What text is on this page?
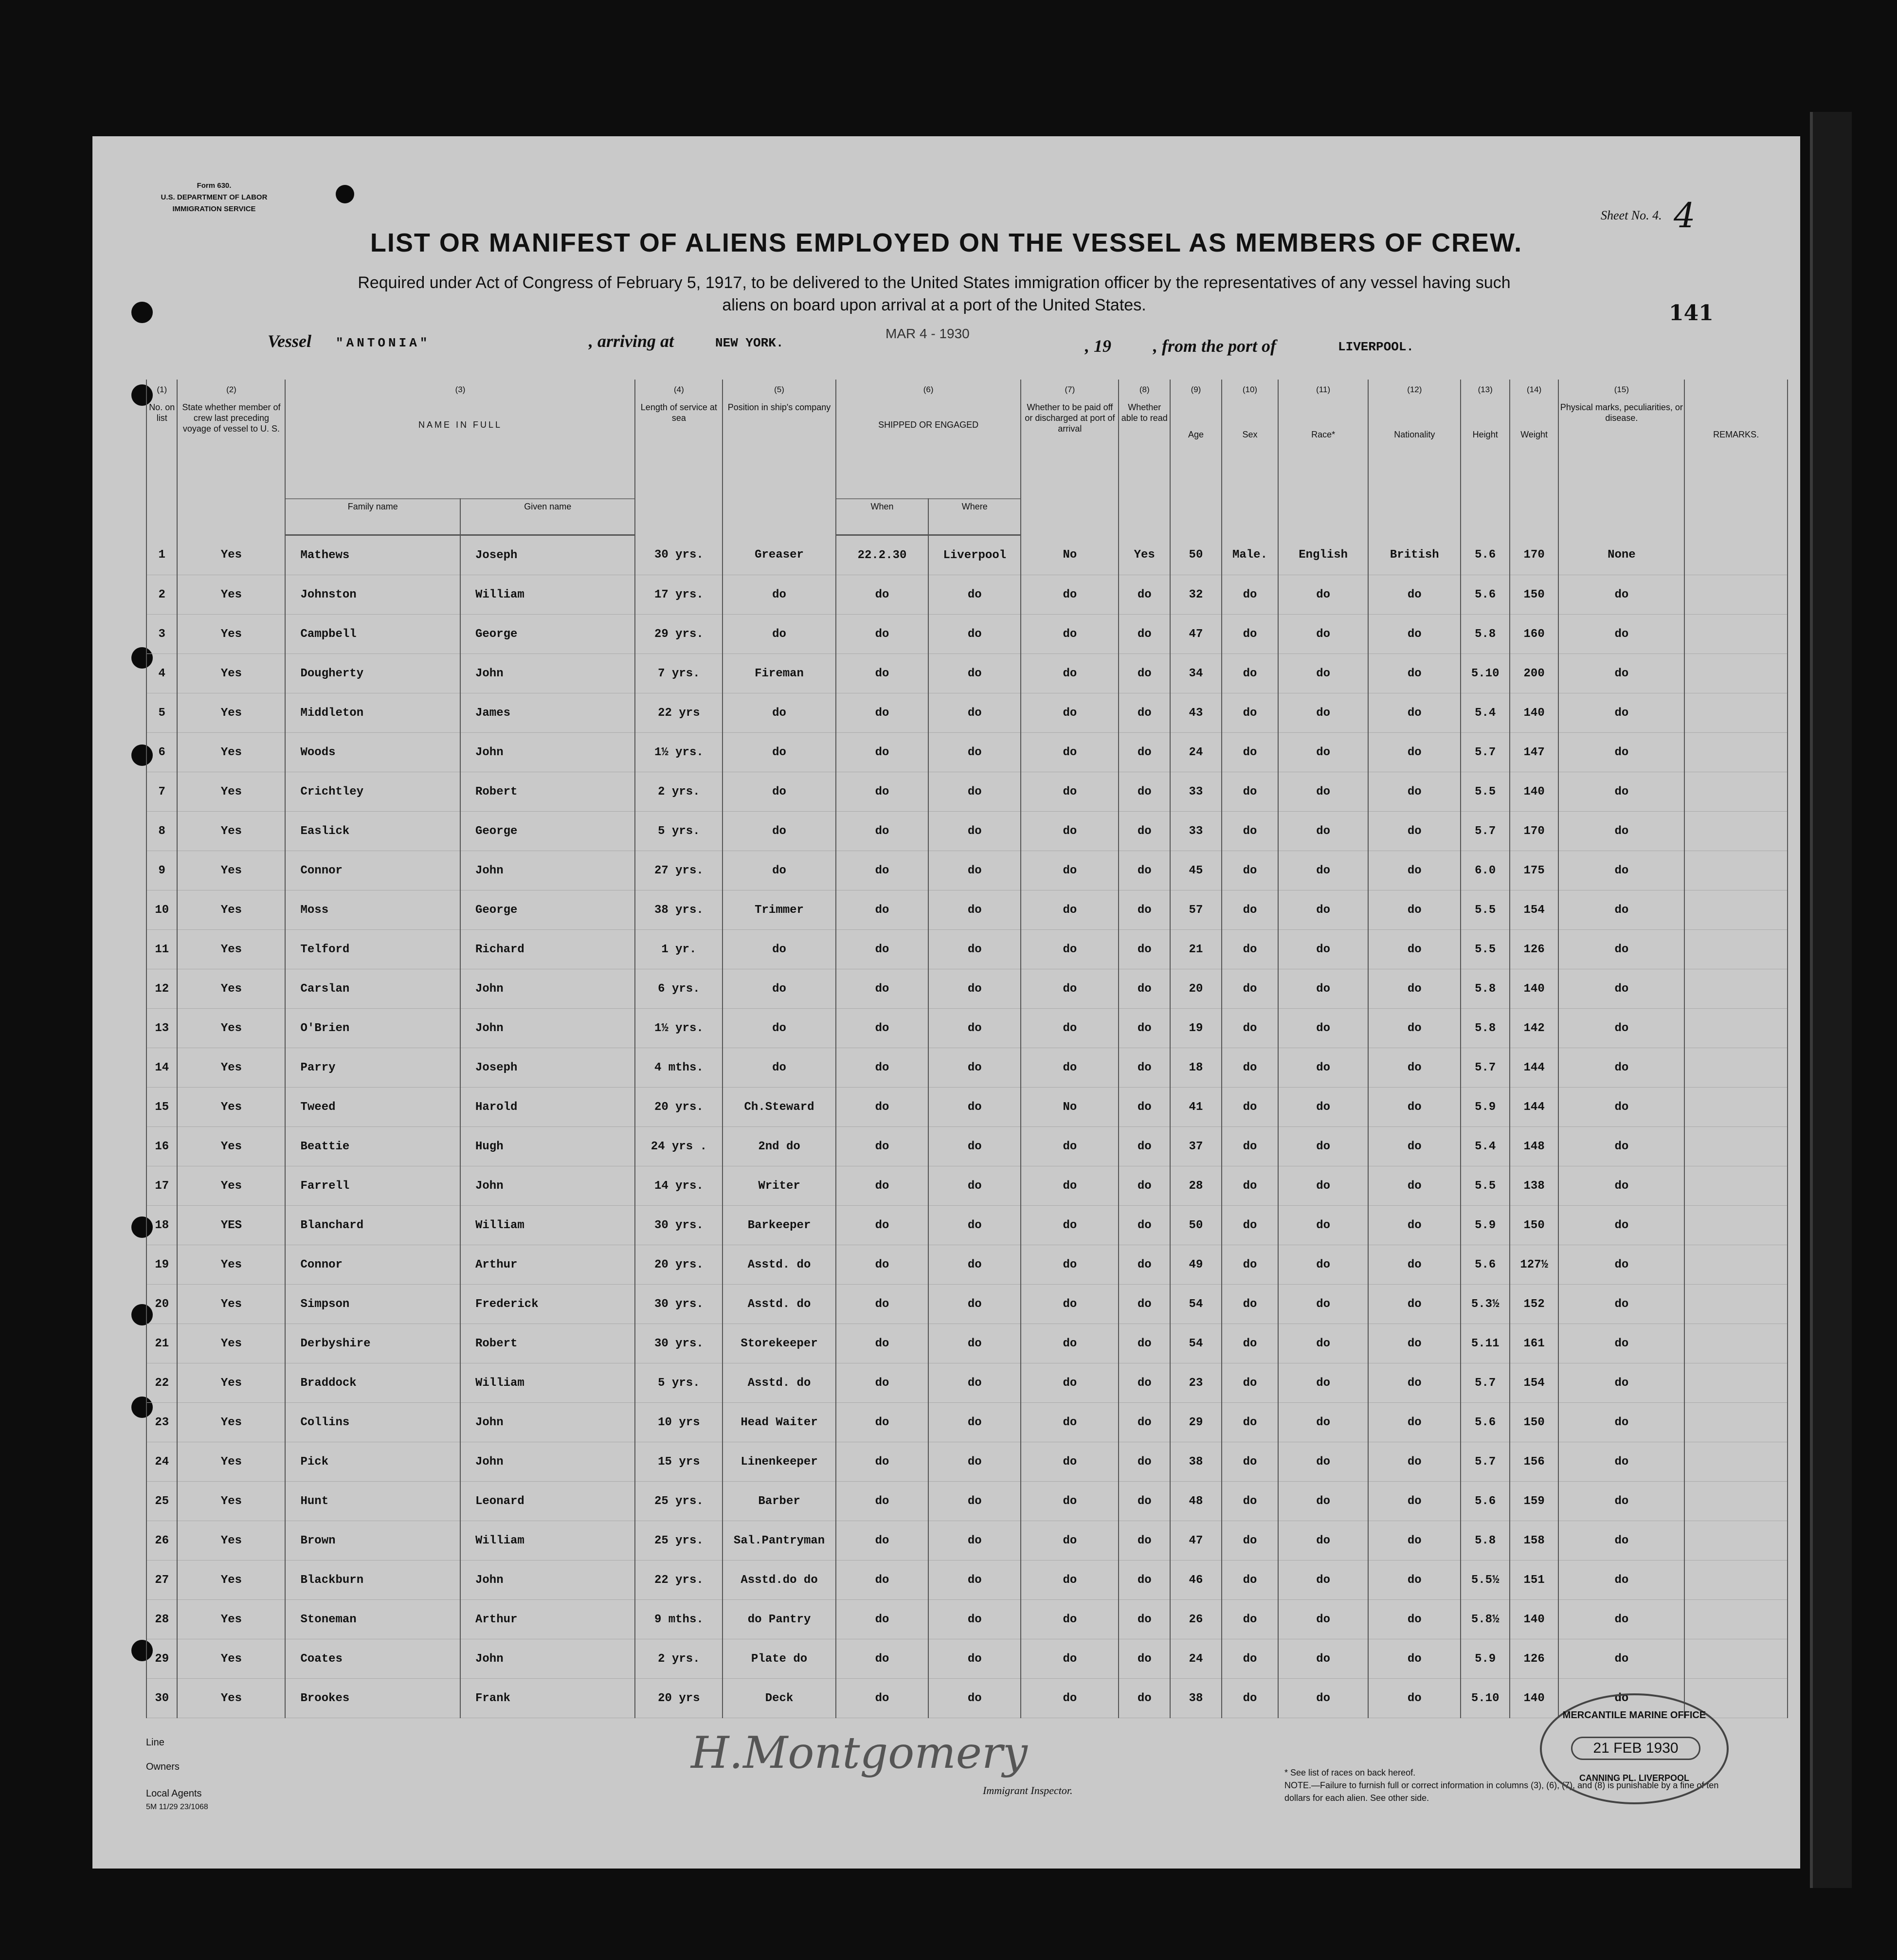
Form 630.
U.S. DEPARTMENT OF LABOR
IMMIGRATION SERVICE	Sheet No. 4. 4
141
LIST OR MANIFEST OF ALIENS EMPLOYED ON THE VESSEL AS MEMBERS OF CREW.
Required under Act of Congress of February 5, 1917, to be delivered to the United States immigration officer by the representatives of any vessel having such
aliens on board upon arrival at a port of the United States.
Vessel "ANTONIA"	, arriving at	NEW YORK.
MAR 4 - 1930
, 19 , from the port of	LIVERPOOL.
(1)	(2)	(3)		(4)	(5)	(6)		(7)	(8)	(9)	(10)	(11)	(12)	(13)	(14)	(15)	
No. on list	State whether member of crew last preceding voyage of vessel to U. S.	NAME IN FULL		Length of service at sea	Position in ship's company	SHIPPED OR ENGAGED		Whether to be paid off or discharged at port of arrival	Whether able to read	Age	Sex	Race*	Nationality	Height	Weight	Physical marks, peculiarities, or disease.	REMARKS.
		Family name	Given name			When	Where										
1	Yes	Mathews	Joseph	30 yrs.	Greaser	22.2.30	Liverpool	No	Yes	50	Male.	English	British	5.6	170	None	
2	Yes	Johnston	William	17 yrs.	do	do	do	do	do	32	do	do	do	5.6	150	do	
3	Yes	Campbell	George	29 yrs.	do	do	do	do	do	47	do	do	do	5.8	160	do	
4	Yes	Dougherty	John	7 yrs.	Fireman	do	do	do	do	34	do	do	do	5.10	200	do	
5	Yes	Middleton	James	22 yrs	do	do	do	do	do	43	do	do	do	5.4	140	do	
6	Yes	Woods	John	1½ yrs.	do	do	do	do	do	24	do	do	do	5.7	147	do	
7	Yes	Crichtley	Robert	2 yrs.	do	do	do	do	do	33	do	do	do	5.5	140	do	
8	Yes	Easlick	George	5 yrs.	do	do	do	do	do	33	do	do	do	5.7	170	do	
9	Yes	Connor	John	27 yrs.	do	do	do	do	do	45	do	do	do	6.0	175	do	
10	Yes	Moss	George	38 yrs.	Trimmer	do	do	do	do	57	do	do	do	5.5	154	do	
11	Yes	Telford	Richard	1 yr.	do	do	do	do	do	21	do	do	do	5.5	126	do	
12	Yes	Carslan	John	6 yrs.	do	do	do	do	do	20	do	do	do	5.8	140	do	
13	Yes	O'Brien	John	1½ yrs.	do	do	do	do	do	19	do	do	do	5.8	142	do	
14	Yes	Parry	Joseph	4 mths.	do	do	do	do	do	18	do	do	do	5.7	144	do	
15	Yes	Tweed	Harold	20 yrs.	Ch.Steward	do	do	No	do	41	do	do	do	5.9	144	do	
16	Yes	Beattie	Hugh	24 yrs .	2nd do	do	do	do	do	37	do	do	do	5.4	148	do	
17	Yes	Farrell	John	14 yrs.	Writer	do	do	do	do	28	do	do	do	5.5	138	do	
18	YES	Blanchard	William	30 yrs.	Barkeeper	do	do	do	do	50	do	do	do	5.9	150	do	
19	Yes	Connor	Arthur	20 yrs.	Asstd. do	do	do	do	do	49	do	do	do	5.6	127½	do	
20	Yes	Simpson	Frederick	30 yrs.	Asstd. do	do	do	do	do	54	do	do	do	5.3½	152	do	
21	Yes	Derbyshire	Robert	30 yrs.	Storekeeper	do	do	do	do	54	do	do	do	5.11	161	do	
22	Yes	Braddock	William	5 yrs.	Asstd. do	do	do	do	do	23	do	do	do	5.7	154	do	
23	Yes	Collins	John	10 yrs	Head Waiter	do	do	do	do	29	do	do	do	5.6	150	do	
24	Yes	Pick	John	15 yrs	Linenkeeper	do	do	do	do	38	do	do	do	5.7	156	do	
25	Yes	Hunt	Leonard	25 yrs.	Barber	do	do	do	do	48	do	do	do	5.6	159	do	
26	Yes	Brown	William	25 yrs.	Sal.Pantryman	do	do	do	do	47	do	do	do	5.8	158	do	
27	Yes	Blackburn	John	22 yrs.	Asstd.do do	do	do	do	do	46	do	do	do	5.5½	151	do	
28	Yes	Stoneman	Arthur	9 mths.	do Pantry	do	do	do	do	26	do	do	do	5.8½	140	do	
29	Yes	Coates	John	2 yrs.	Plate do	do	do	do	do	24	do	do	do	5.9	126	do	
30	Yes	Brookes	Frank	20 yrs	Deck	do	do	do	do	38	do	do	do	5.10	140	do	
Line
Owners
Local Agents
5M 11/29 23/1068
H.Montgomery
Immigrant Inspector.
* See list of races on back hereof.
NOTE.—Failure to furnish full or correct information in columns (3), (6), (7), and (8) is punishable by a fine of ten dollars for each alien. See other side.
MERCANTILE MARINE OFFICE
21 FEB 1930
CANNING PL. LIVERPOOL
